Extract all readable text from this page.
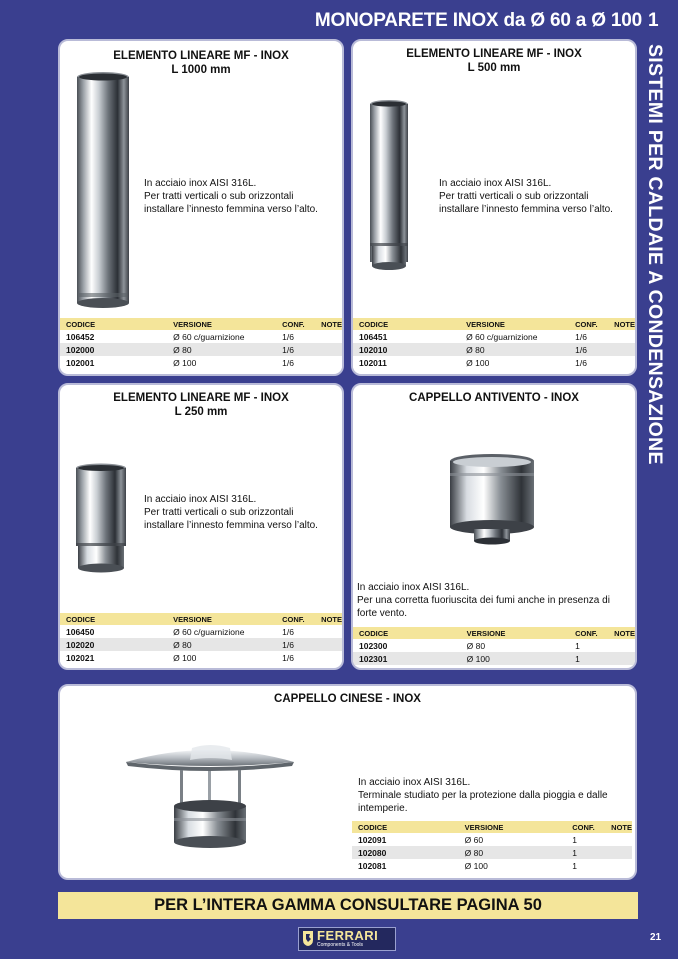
MONOPARETE INOX da Ø 60 a Ø 100 1
SISTEMI PER CALDAIE A CONDENSAZIONE
ELEMENTO LINEARE MF - INOX
L 1000 mm
In acciaio inox AISI 316L.
Per tratti verticali o sub orizzontali
installare l’innesto femmina verso l’alto.
CODICE	VERSIONE	CONF.	NOTE
106452	Ø 60 c/guarnizione	1/6	
102000	Ø 80	1/6	
102001	Ø 100	1/6	
ELEMENTO LINEARE MF - INOX
L 500 mm
In acciaio inox AISI 316L.
Per tratti verticali o sub orizzontali
installare l’innesto femmina verso l’alto.
CODICE	VERSIONE	CONF.	NOTE
106451	Ø 60 c/guarnizione	1/6	
102010	Ø 80	1/6	
102011	Ø 100	1/6	
ELEMENTO LINEARE MF - INOX
L 250 mm
In acciaio inox AISI 316L.
Per tratti verticali o sub orizzontali
installare l’innesto femmina verso l’alto.
CODICE	VERSIONE	CONF.	NOTE
106450	Ø 60 c/guarnizione	1/6	
102020	Ø 80	1/6	
102021	Ø 100	1/6	
CAPPELLO ANTIVENTO - INOX
In acciaio inox AISI 316L.
Per una corretta fuoriuscita dei fumi anche in presenza di
forte vento.
CODICE	VERSIONE	CONF.	NOTE
102300	Ø 80	1	
102301	Ø 100	1	
CAPPELLO CINESE - INOX
In acciaio inox AISI 316L.
Terminale studiato per la protezione dalla pioggia e dalle
intemperie.
CODICE	VERSIONE	CONF.	NOTE
102091	Ø 60	1	
102080	Ø 80	1	
102081	Ø 100	1	
PER L’INTERA GAMMA CONSULTARE PAGINA 50
FERRARI
Components & Tools
21
